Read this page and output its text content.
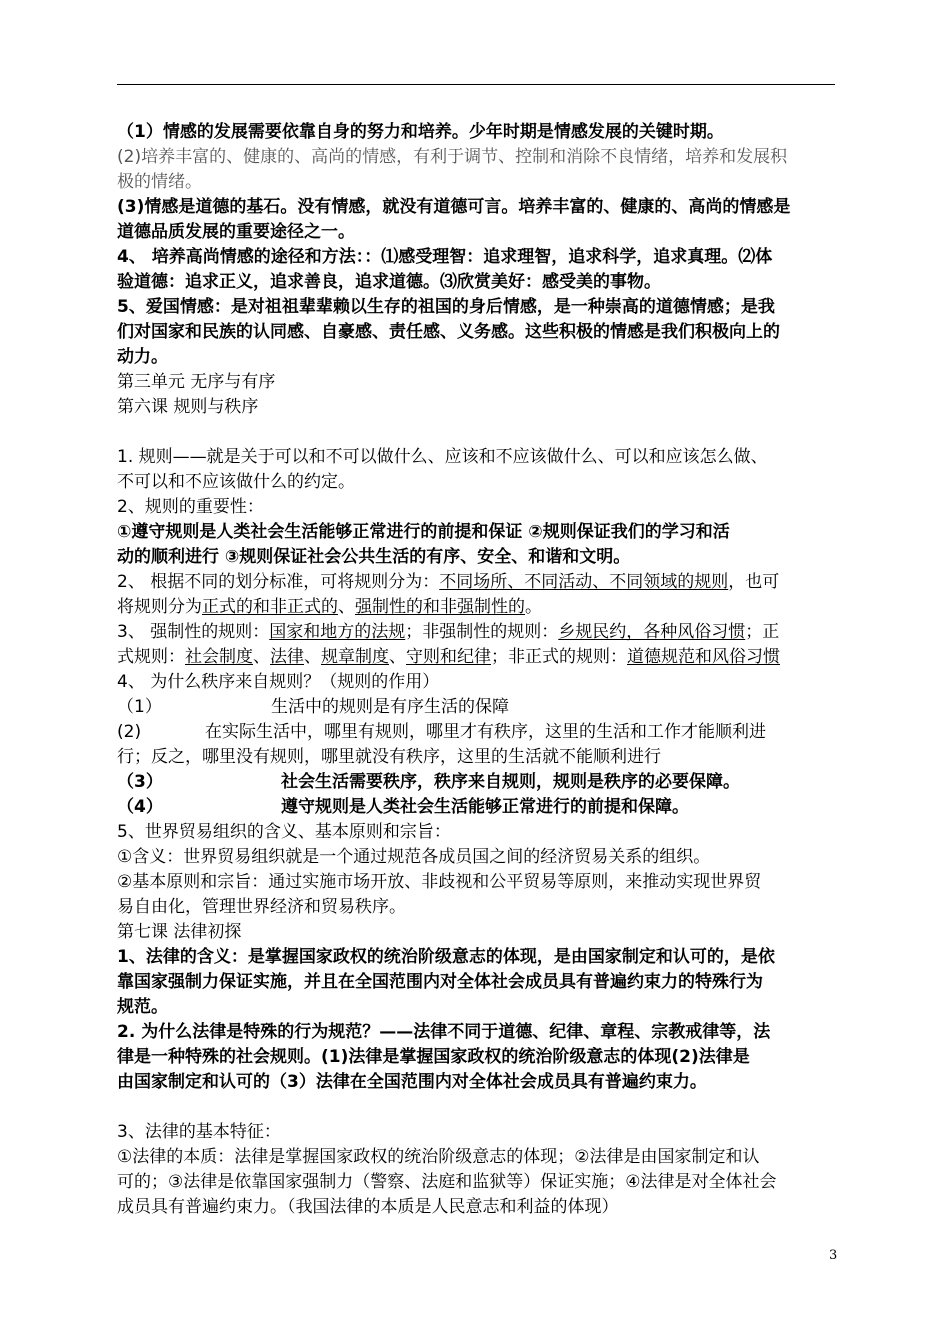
（1）情感的发展需要依靠自身的努力和培养。少年时期是情感发展的关键时期。
(2)培养丰富的、健康的、高尚的情感，有利于调节、控制和消除不良情绪，培养和发展积
极的情绪。
(3)情感是道德的基石。没有情感，就没有道德可言。培养丰富的、健康的、高尚的情感是
道德品质发展的重要途径之一。
4、 培养高尚情感的途径和方法：：⑴感受理智：追求理智，追求科学，追求真理。⑵体
验道德：追求正义，追求善良，追求道德。⑶欣赏美好：感受美的事物。
5、爱国情感：是对祖祖辈辈赖以生存的祖国的身后情感，是一种崇高的道德情感；是我
们对国家和民族的认同感、自豪感、责任感、义务感。这些积极的情感是我们积极向上的
动力。
第三单元 无序与有序
第六课 规则与秩序
1. 规则——就是关于可以和不可以做什么、应该和不应该做什么、可以和应该怎么做、
不可以和不应该做什么的约定。
2、规则的重要性：
①遵守规则是人类社会生活能够正常进行的前提和保证 ②规则保证我们的学习和活
动的顺利进行 ③规则保证社会公共生活的有序、安全、和谐和文明。
2、 根据不同的划分标准，可将规则分为：不同场所、不同活动、不同领域的规则，也可
将规则分为正式的和非正式的、强制性的和非强制性的。
3、 强制性的规则：国家和地方的法规；非强制性的规则：乡规民约，各种风俗习惯；正
式规则：社会制度、法律、规章制度、守则和纪律；非正式的规则：道德规范和风俗习惯
4、 为什么秩序来自规则？（规则的作用）
（1）	生活中的规则是有序生活的保障
(2)	在实际生活中，哪里有规则，哪里才有秩序，这里的生活和工作才能顺利进
行；反之，哪里没有规则，哪里就没有秩序，这里的生活就不能顺利进行
（3）	社会生活需要秩序，秩序来自规则，规则是秩序的必要保障。
（4）	遵守规则是人类社会生活能够正常进行的前提和保障。
5、世界贸易组织的含义、基本原则和宗旨：
①含义：世界贸易组织就是一个通过规范各成员国之间的经济贸易关系的组织。
②基本原则和宗旨：通过实施市场开放、非歧视和公平贸易等原则，来推动实现世界贸
易自由化，管理世界经济和贸易秩序。
第七课 法律初探
1、法律的含义：是掌握国家政权的统治阶级意志的体现，是由国家制定和认可的，是依
靠国家强制力保证实施，并且在全国范围内对全体社会成员具有普遍约束力的特殊行为
规范。
2. 为什么法律是特殊的行为规范？——法律不同于道德、纪律、章程、宗教戒律等，法
律是一种特殊的社会规则。(1)法律是掌握国家政权的统治阶级意志的体现(2)法律是
由国家制定和认可的（3）法律在全国范围内对全体社会成员具有普遍约束力。
3、法律的基本特征：
①法律的本质：法律是掌握国家政权的统治阶级意志的体现；②法律是由国家制定和认
可的；③法律是依靠国家强制力（警察、法庭和监狱等）保证实施；④法律是对全体社会
成员具有普遍约束力。（我国法律的本质是人民意志和利益的体现）
3
